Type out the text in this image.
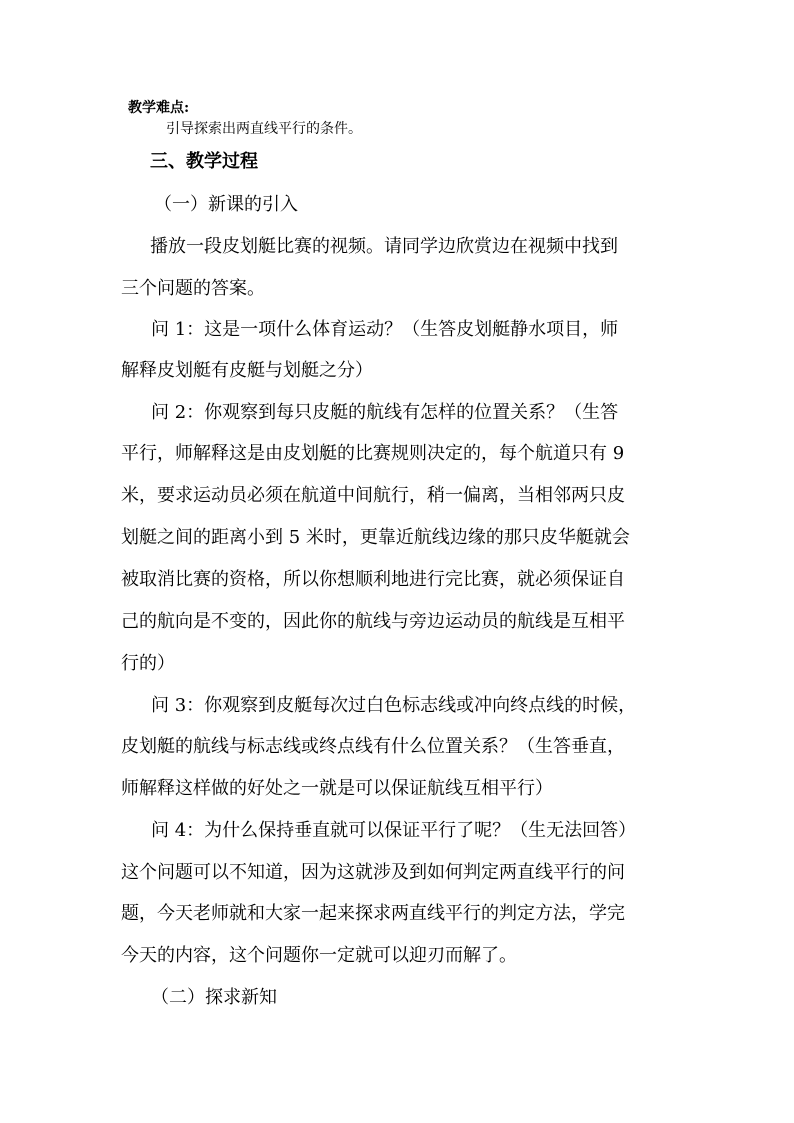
教学难点:
引导探索出两直线平行的条件。
三、教学过程
（一）新课的引入
播放一段皮划艇比赛的视频。请同学边欣赏边在视频中找到
三个问题的答案。
问 1：这是一项什么体育运动？（生答皮划艇静水项目，师
解释皮划艇有皮艇与划艇之分）
问 2：你观察到每只皮艇的航线有怎样的位置关系？（生答
平行，师解释这是由皮划艇的比赛规则决定的，每个航道只有 9
米，要求运动员必须在航道中间航行，稍一偏离，当相邻两只皮
划艇之间的距离小到 5 米时，更靠近航线边缘的那只皮华艇就会
被取消比赛的资格，所以你想顺利地进行完比赛，就必须保证自
己的航向是不变的，因此你的航线与旁边运动员的航线是互相平
行的）
问 3：你观察到皮艇每次过白色标志线或冲向终点线的时候，
皮划艇的航线与标志线或终点线有什么位置关系？（生答垂直，
师解释这样做的好处之一就是可以保证航线互相平行）
问 4：为什么保持垂直就可以保证平行了呢？（生无法回答）
这个问题可以不知道，因为这就涉及到如何判定两直线平行的问
题，今天老师就和大家一起来探求两直线平行的判定方法，学完
今天的内容，这个问题你一定就可以迎刃而解了。
（二）探求新知
